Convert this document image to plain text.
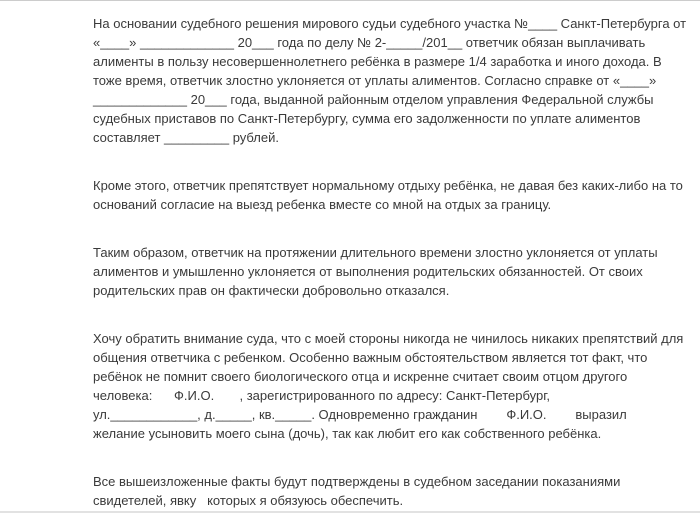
На основании судебного решения мирового судьи судебного участка №____ Санкт-Петербурга от
«____» _____________ 20___ года по делу № 2-_____/201__ ответчик обязан выплачивать
алименты в пользу несовершеннолетнего ребёнка в размере 1/4 заработка и иного дохода. В
тоже время, ответчик злостно уклоняется от уплаты алиментов. Согласно справке от «____»
_____________ 20___ года, выданной районным отделом управления Федеральной службы
судебных приставов по Санкт-Петербургу, сумма его задолженности по уплате алиментов
составляет _________ рублей.
Кроме этого, ответчик препятствует нормальному отдыху ребёнка, не давая без каких-либо на то
оснований согласие на выезд ребенка вместе со мной на отдых за границу.
Таким образом, ответчик на протяжении длительного времени злостно уклоняется от уплаты
алиментов и умышленно уклоняется от выполнения родительских обязанностей. От своих
родительских прав он фактически добровольно отказался.
Хочу обратить внимание суда, что с моей стороны никогда не чинилось никаких препятствий для
общения ответчика с ребенком. Особенно важным обстоятельством является тот факт, что
ребёнок не помнит своего биологического отца и искренне считает своим отцом другого
человека:      Ф.И.О.       , зарегистрированного по адресу: Санкт-Петербург,
ул.____________, д._____, кв._____. Одновременно гражданин        Ф.И.О.        выразил
желание усыновить моего сына (дочь), так как любит его как собственного ребёнка.
Все вышеизложенные факты будут подтверждены в судебном заседании показаниями
свидетелей, явку   которых я обязуюсь обеспечить.
